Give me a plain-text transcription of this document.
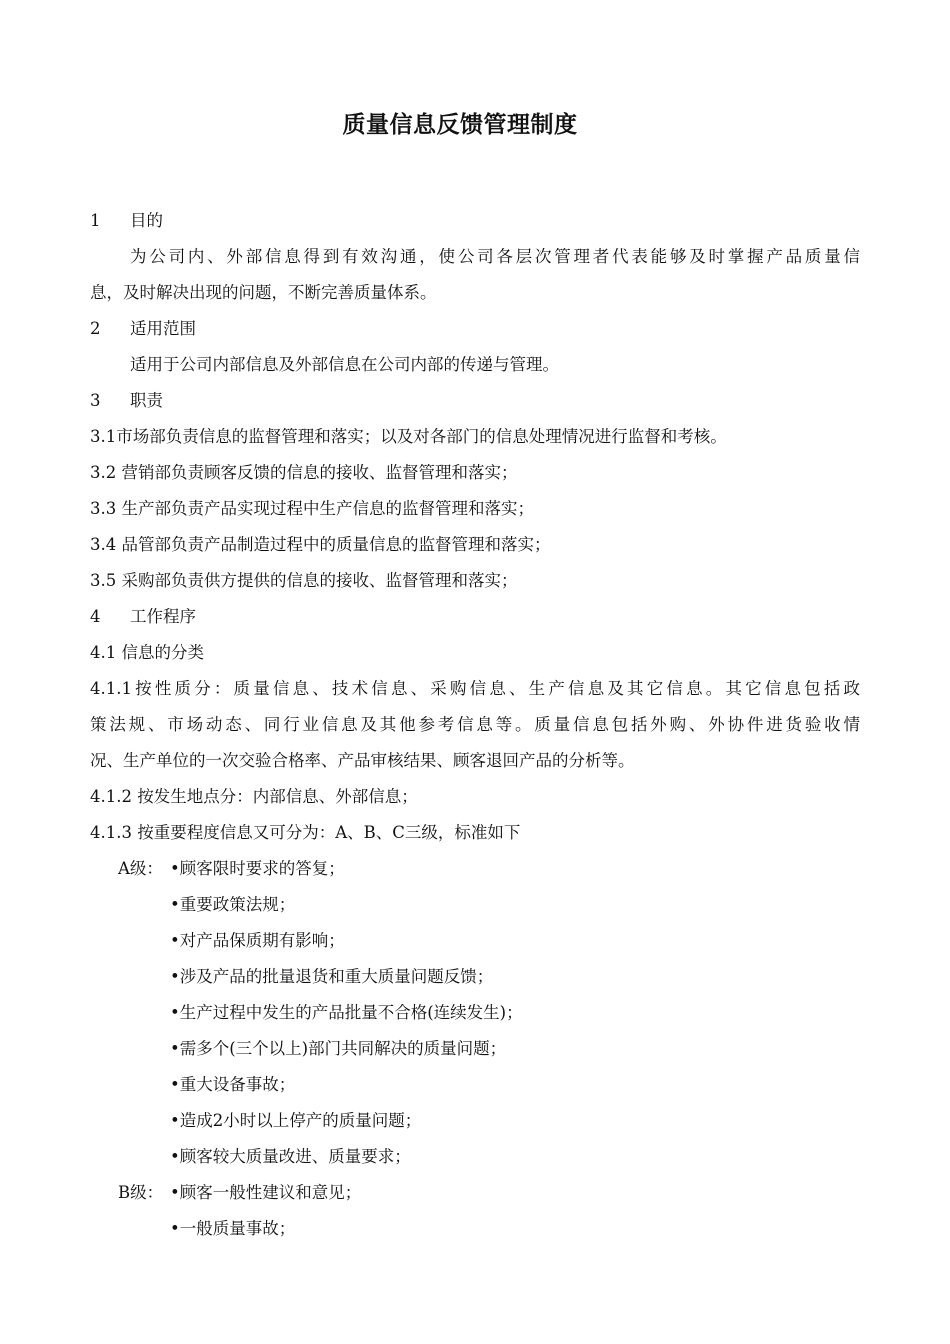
质量信息反馈管理制度
1 目的
为公司内、外部信息得到有效沟通，使公司各层次管理者代表能够及时掌握产品质量信
息，及时解决出现的问题，不断完善质量体系。
2 适用范围
适用于公司内部信息及外部信息在公司内部的传递与管理。
3 职责
3.1市场部负责信息的监督管理和落实；以及对各部门的信息处理情况进行监督和考核。
3.2 营销部负责顾客反馈的信息的接收、监督管理和落实；
3.3 生产部负责产品实现过程中生产信息的监督管理和落实；
3.4 品管部负责产品制造过程中的质量信息的监督管理和落实；
3.5 采购部负责供方提供的信息的接收、监督管理和落实；
4 工作程序
4.1 信息的分类
4.1.1按性质分：质量信息、技术信息、采购信息、生产信息及其它信息。其它信息包括政
策法规、市场动态、同行业信息及其他参考信息等。质量信息包括外购、外协件进货验收情
况、生产单位的一次交验合格率、产品审核结果、顾客退回产品的分析等。
4.1.2 按发生地点分：内部信息、外部信息；
4.1.3 按重要程度信息又可分为：A、B、C三级，标准如下
A级： •顾客限时要求的答复；
•重要政策法规；
•对产品保质期有影响；
•涉及产品的批量退货和重大质量问题反馈；
•生产过程中发生的产品批量不合格(连续发生)；
•需多个(三个以上)部门共同解决的质量问题；
•重大设备事故；
•造成2小时以上停产的质量问题；
•顾客较大质量改进、质量要求；
B级： •顾客一般性建议和意见；
•一般质量事故；
